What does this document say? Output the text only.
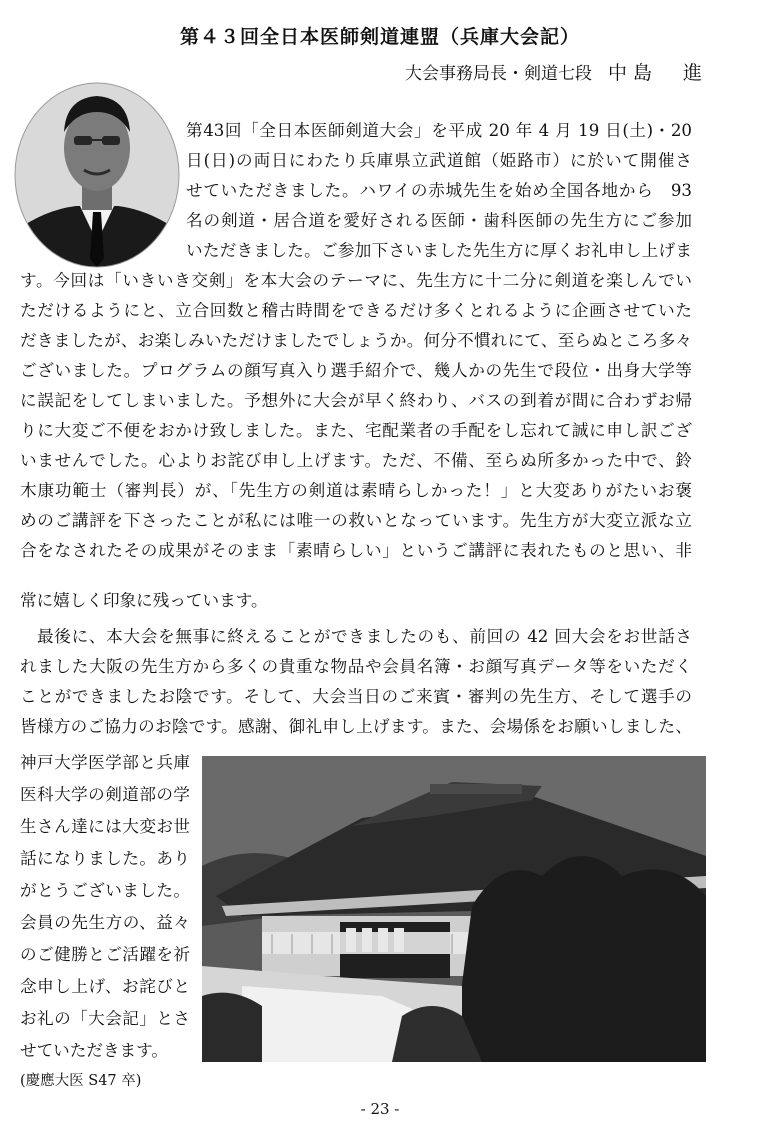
第４３回全日本医師剣道連盟（兵庫大会記）
大会事務局長・剣道七段 中島　進
第43回「全日本医師剣道大会」を平成 20 年 4 月 19 日(土)・20
日(日)の両日にわたり兵庫県立武道館（姫路市）に於いて開催さ
せていただきました。ハワイの赤城先生を始め全国各地から　93
名の剣道・居合道を愛好される医師・歯科医師の先生方にご参加
いただきました。ご参加下さいました先生方に厚くお礼申し上げま
す。今回は「いきいき交剣」を本大会のテーマに、先生方に十二分に剣道を楽しんでい
ただけるようにと、立合回数と稽古時間をできるだけ多くとれるように企画させていた
だきましたが、お楽しみいただけましたでしょうか。何分不慣れにて、至らぬところ多々
ございました。プログラムの顔写真入り選手紹介で、幾人かの先生で段位・出身大学等
に誤記をしてしまいました。予想外に大会が早く終わり、バスの到着が間に合わずお帰
りに大変ご不便をおかけ致しました。また、宅配業者の手配をし忘れて誠に申し訳ござ
いませんでした。心よりお詫び申し上げます。ただ、不備、至らぬ所多かった中で、鈴
木康功範士（審判長）が、「先生方の剣道は素晴らしかった！」と大変ありがたいお褒
めのご講評を下さったことが私には唯一の救いとなっています。先生方が大変立派な立
合をなされたその成果がそのまま「素晴らしい」というご講評に表れたものと思い、非
常に嬉しく印象に残っています。
最後に、本大会を無事に終えることができましたのも、前回の 42 回大会をお世話さ
れました大阪の先生方から多くの貴重な物品や会員名簿・お顔写真データ等をいただく
ことができましたお陰です。そして、大会当日のご来賓・審判の先生方、そして選手の
皆様方のご協力のお陰です。感謝、御礼申し上げます。また、会場係をお願いしました、
神戸大学医学部と兵庫
医科大学の剣道部の学
生さん達には大変お世
話になりました。あり
がとうございました。
会員の先生方の、益々
のご健勝とご活躍を祈
念申し上げ、お詫びと
お礼の「大会記」とさ
せていただきます。
(慶應大医 S47 卒)
- 23 -
